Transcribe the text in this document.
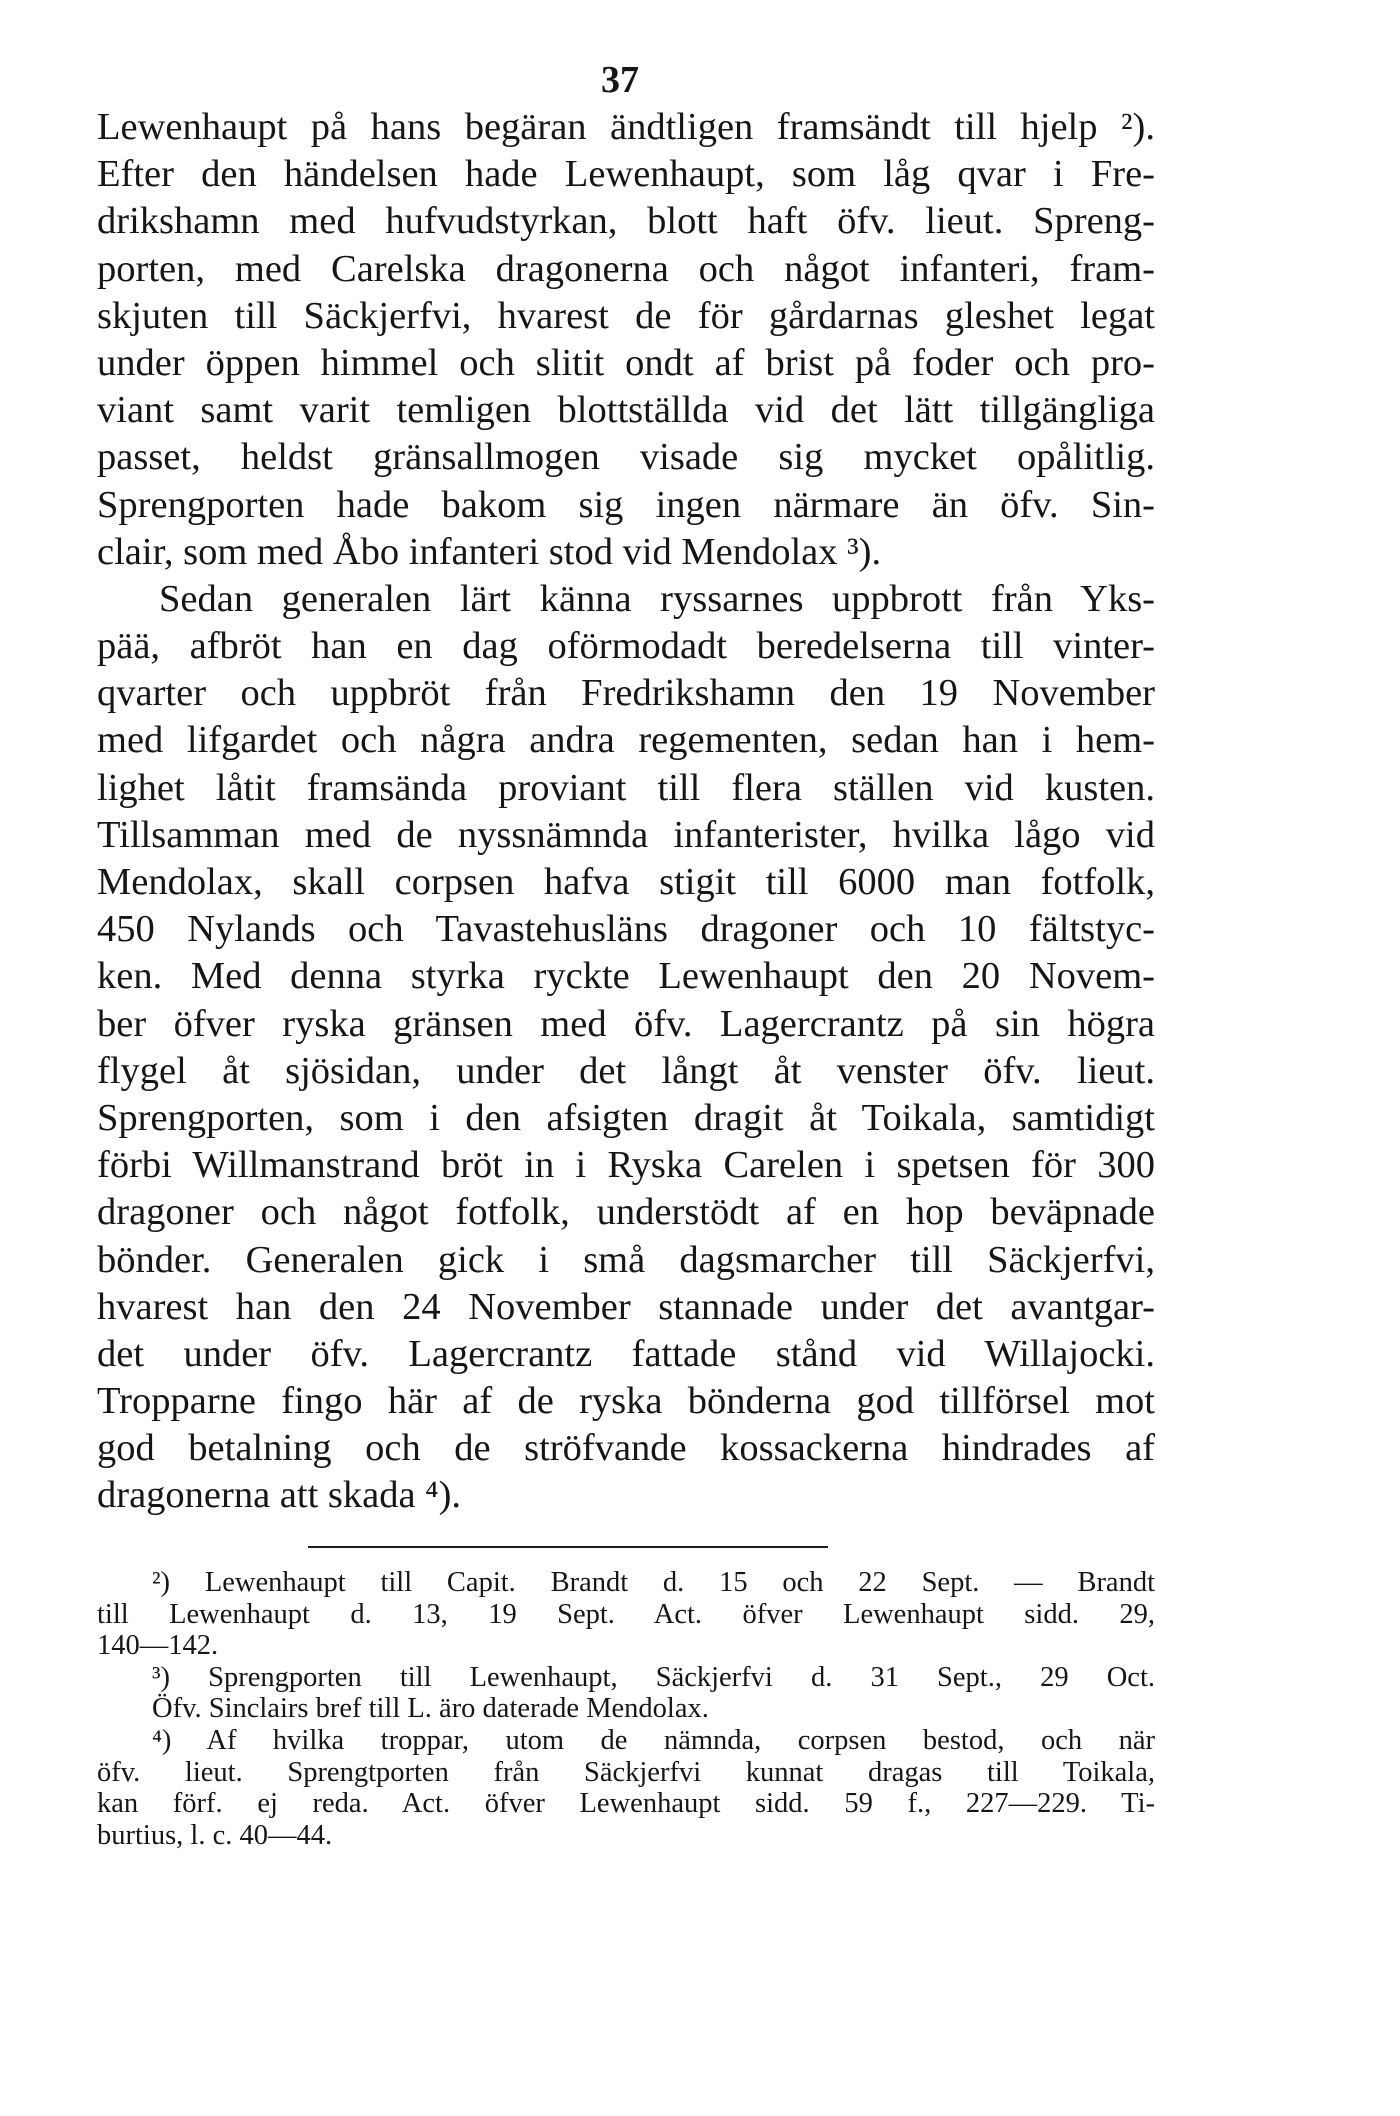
37
Lewenhaupt på hans begäran ändtligen framsändt till hjelp ²).
Efter den händelsen hade Lewenhaupt, som låg qvar i Fre-
drikshamn med hufvudstyrkan, blott haft öfv. lieut. Spreng-
porten, med Carelska dragonerna och något infanteri, fram-
skjuten till Säckjerfvi, hvarest de för gårdarnas gleshet legat
under öppen himmel och slitit ondt af brist på foder och pro-
viant samt varit temligen blottställda vid det lätt tillgängliga
passet, heldst gränsallmogen visade sig mycket opålitlig.
Sprengporten hade bakom sig ingen närmare än öfv. Sin-
clair, som med Åbo infanteri stod vid Mendolax ³).
Sedan generalen lärt känna ryssarnes uppbrott från Yks-
pää, afbröt han en dag oförmodadt beredelserna till vinter-
qvarter och uppbröt från Fredrikshamn den 19 November
med lifgardet och några andra regementen, sedan han i hem-
lighet låtit framsända proviant till flera ställen vid kusten.
Tillsamman med de nyssnämnda infanterister, hvilka lågo vid
Mendolax, skall corpsen hafva stigit till 6000 man fotfolk,
450 Nylands och Tavastehusläns dragoner och 10 fältstyc-
ken. Med denna styrka ryckte Lewenhaupt den 20 Novem-
ber öfver ryska gränsen med öfv. Lagercrantz på sin högra
flygel åt sjösidan, under det långt åt venster öfv. lieut.
Sprengporten, som i den afsigten dragit åt Toikala, samtidigt
förbi Willmanstrand bröt in i Ryska Carelen i spetsen för 300
dragoner och något fotfolk, understödt af en hop beväpnade
bönder. Generalen gick i små dagsmarcher till Säckjerfvi,
hvarest han den 24 November stannade under det avantgar-
det under öfv. Lagercrantz fattade stånd vid Willajocki.
Tropparne fingo här af de ryska bönderna god tillförsel mot
god betalning och de ströfvande kossackerna hindrades af
dragonerna att skada ⁴).
²) Lewenhaupt till Capit. Brandt d. 15 och 22 Sept. — Brandt
till Lewenhaupt d. 13, 19 Sept. Act. öfver Lewenhaupt sidd. 29,
140—142.
³) Sprengporten till Lewenhaupt, Säckjerfvi d. 31 Sept., 29 Oct.
Öfv. Sinclairs bref till L. äro daterade Mendolax.
⁴) Af hvilka troppar, utom de nämnda, corpsen bestod, och när
öfv. lieut. Sprengtporten från Säckjerfvi kunnat dragas till Toikala,
kan förf. ej reda. Act. öfver Lewenhaupt sidd. 59 f., 227—229. Ti-
burtius, l. c. 40—44.
